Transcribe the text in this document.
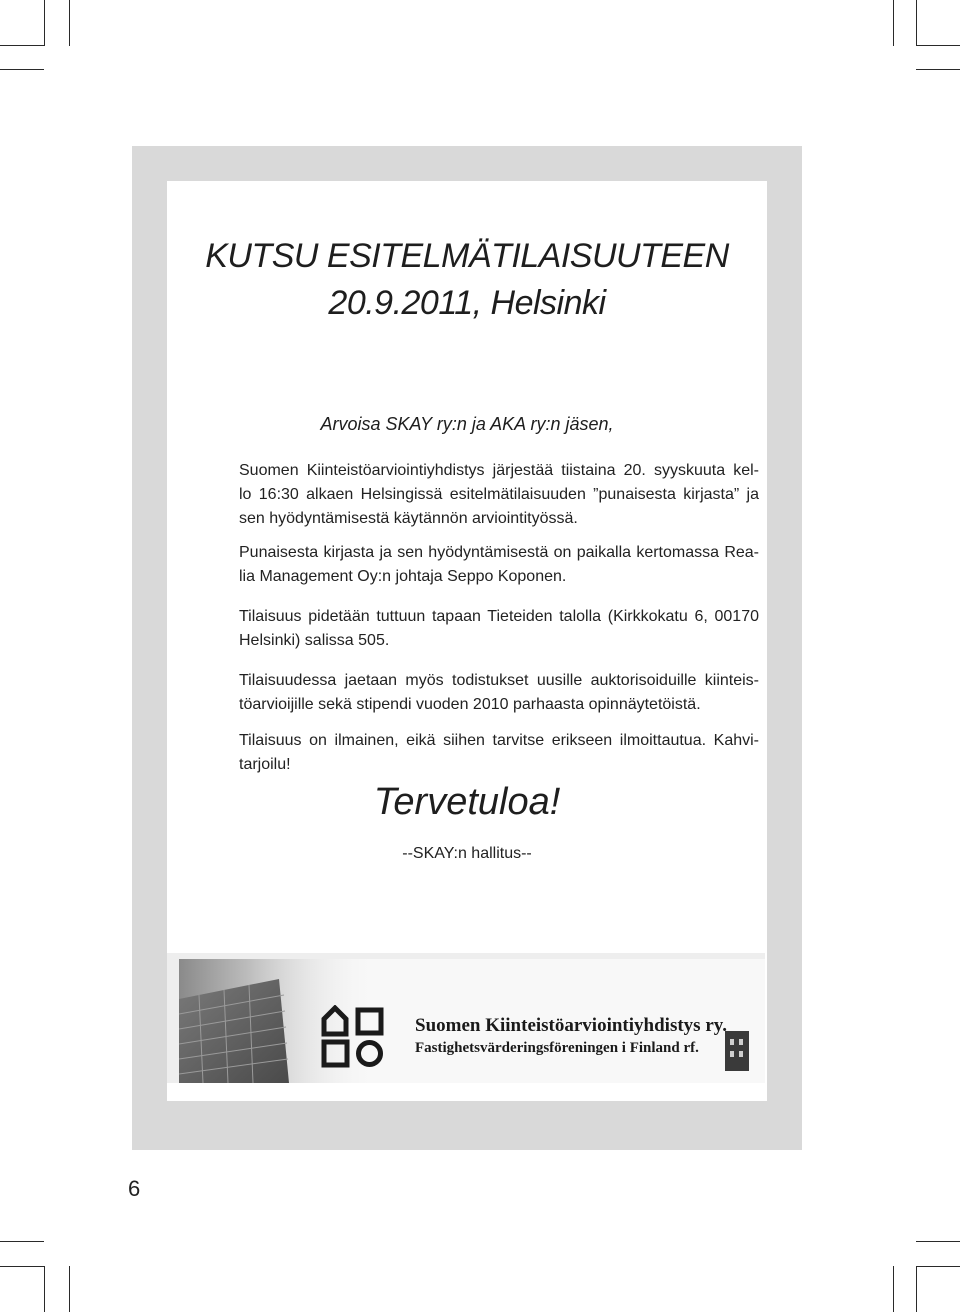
KUTSU ESITELMÄTILAISUUTEEN
20.9.2011, Helsinki
Arvoisa SKAY ry:n ja AKA ry:n jäsen,

Suomen Kiinteistöarviointiyhdistys järjestää tiistaina 20. syyskuuta kel-
lo 16:30 alkaen Helsingissä esitelmätilaisuuden ”punaisesta kirjasta” ja
sen hyödyntämisestä käytännön arviointityössä.

Punaisesta kirjasta ja sen hyödyntämisestä on paikalla kertomassa Rea-
lia Management Oy:n johtaja Seppo Koponen.

Tilaisuus pidetään tuttuun tapaan Tieteiden talolla (Kirkkokatu 6, 00170
Helsinki) salissa 505.

Tilaisuudessa jaetaan myös todistukset uusille auktorisoiduille kiinteis-
töarvioijille sekä stipendi vuoden 2010 parhaasta opinnäytetöistä.

Tilaisuus on ilmainen, eikä siihen tarvitse erikseen ilmoittautua. Kahvi-
tarjoilu!

Tervetuloa!
--SKAY:n hallitus--
Suomen Kiinteistöarviointiyhdistys ry.
Fastighetsvärderingsföreningen i Finland rf.
6
